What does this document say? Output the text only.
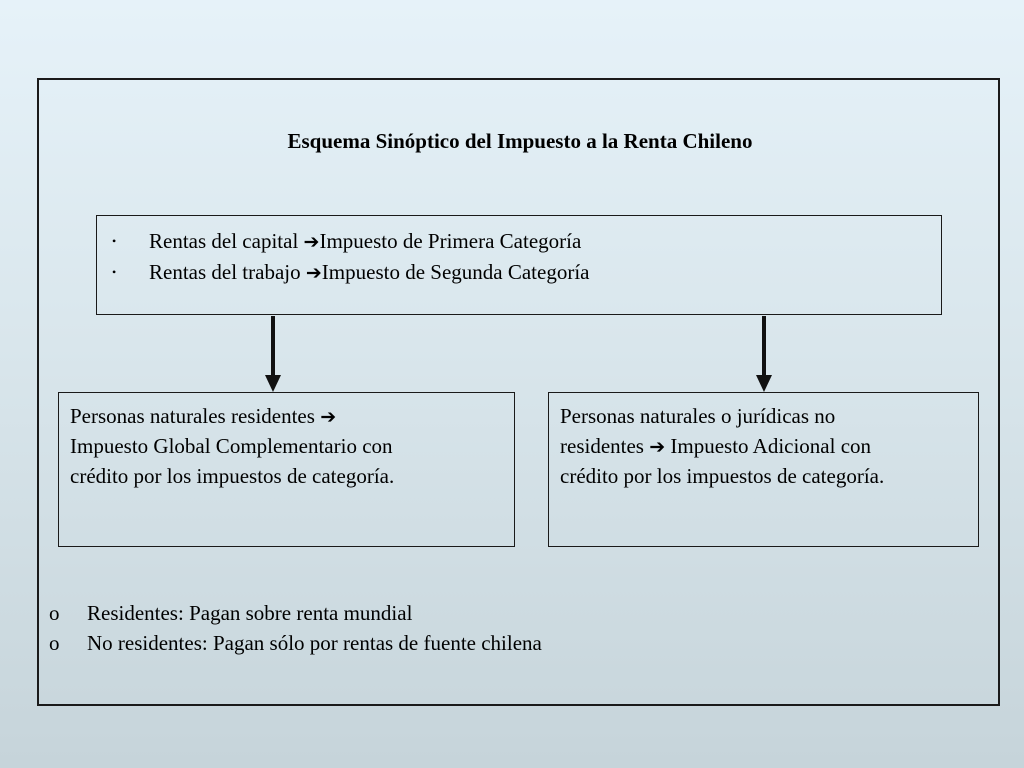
Esquema Sinóptico del Impuesto a la Renta Chileno
• Rentas del capital ➔Impuesto de Primera Categoría
• Rentas del trabajo ➔Impuesto de Segunda Categoría
Personas naturales residentes ➔
Impuesto Global Complementario con
crédito por los impuestos de categoría.
Personas naturales o jurídicas no
residentes ➔ Impuesto Adicional con
crédito por los impuestos de categoría.
o Residentes: Pagan sobre renta mundial
o No residentes: Pagan sólo por rentas de fuente chilena
